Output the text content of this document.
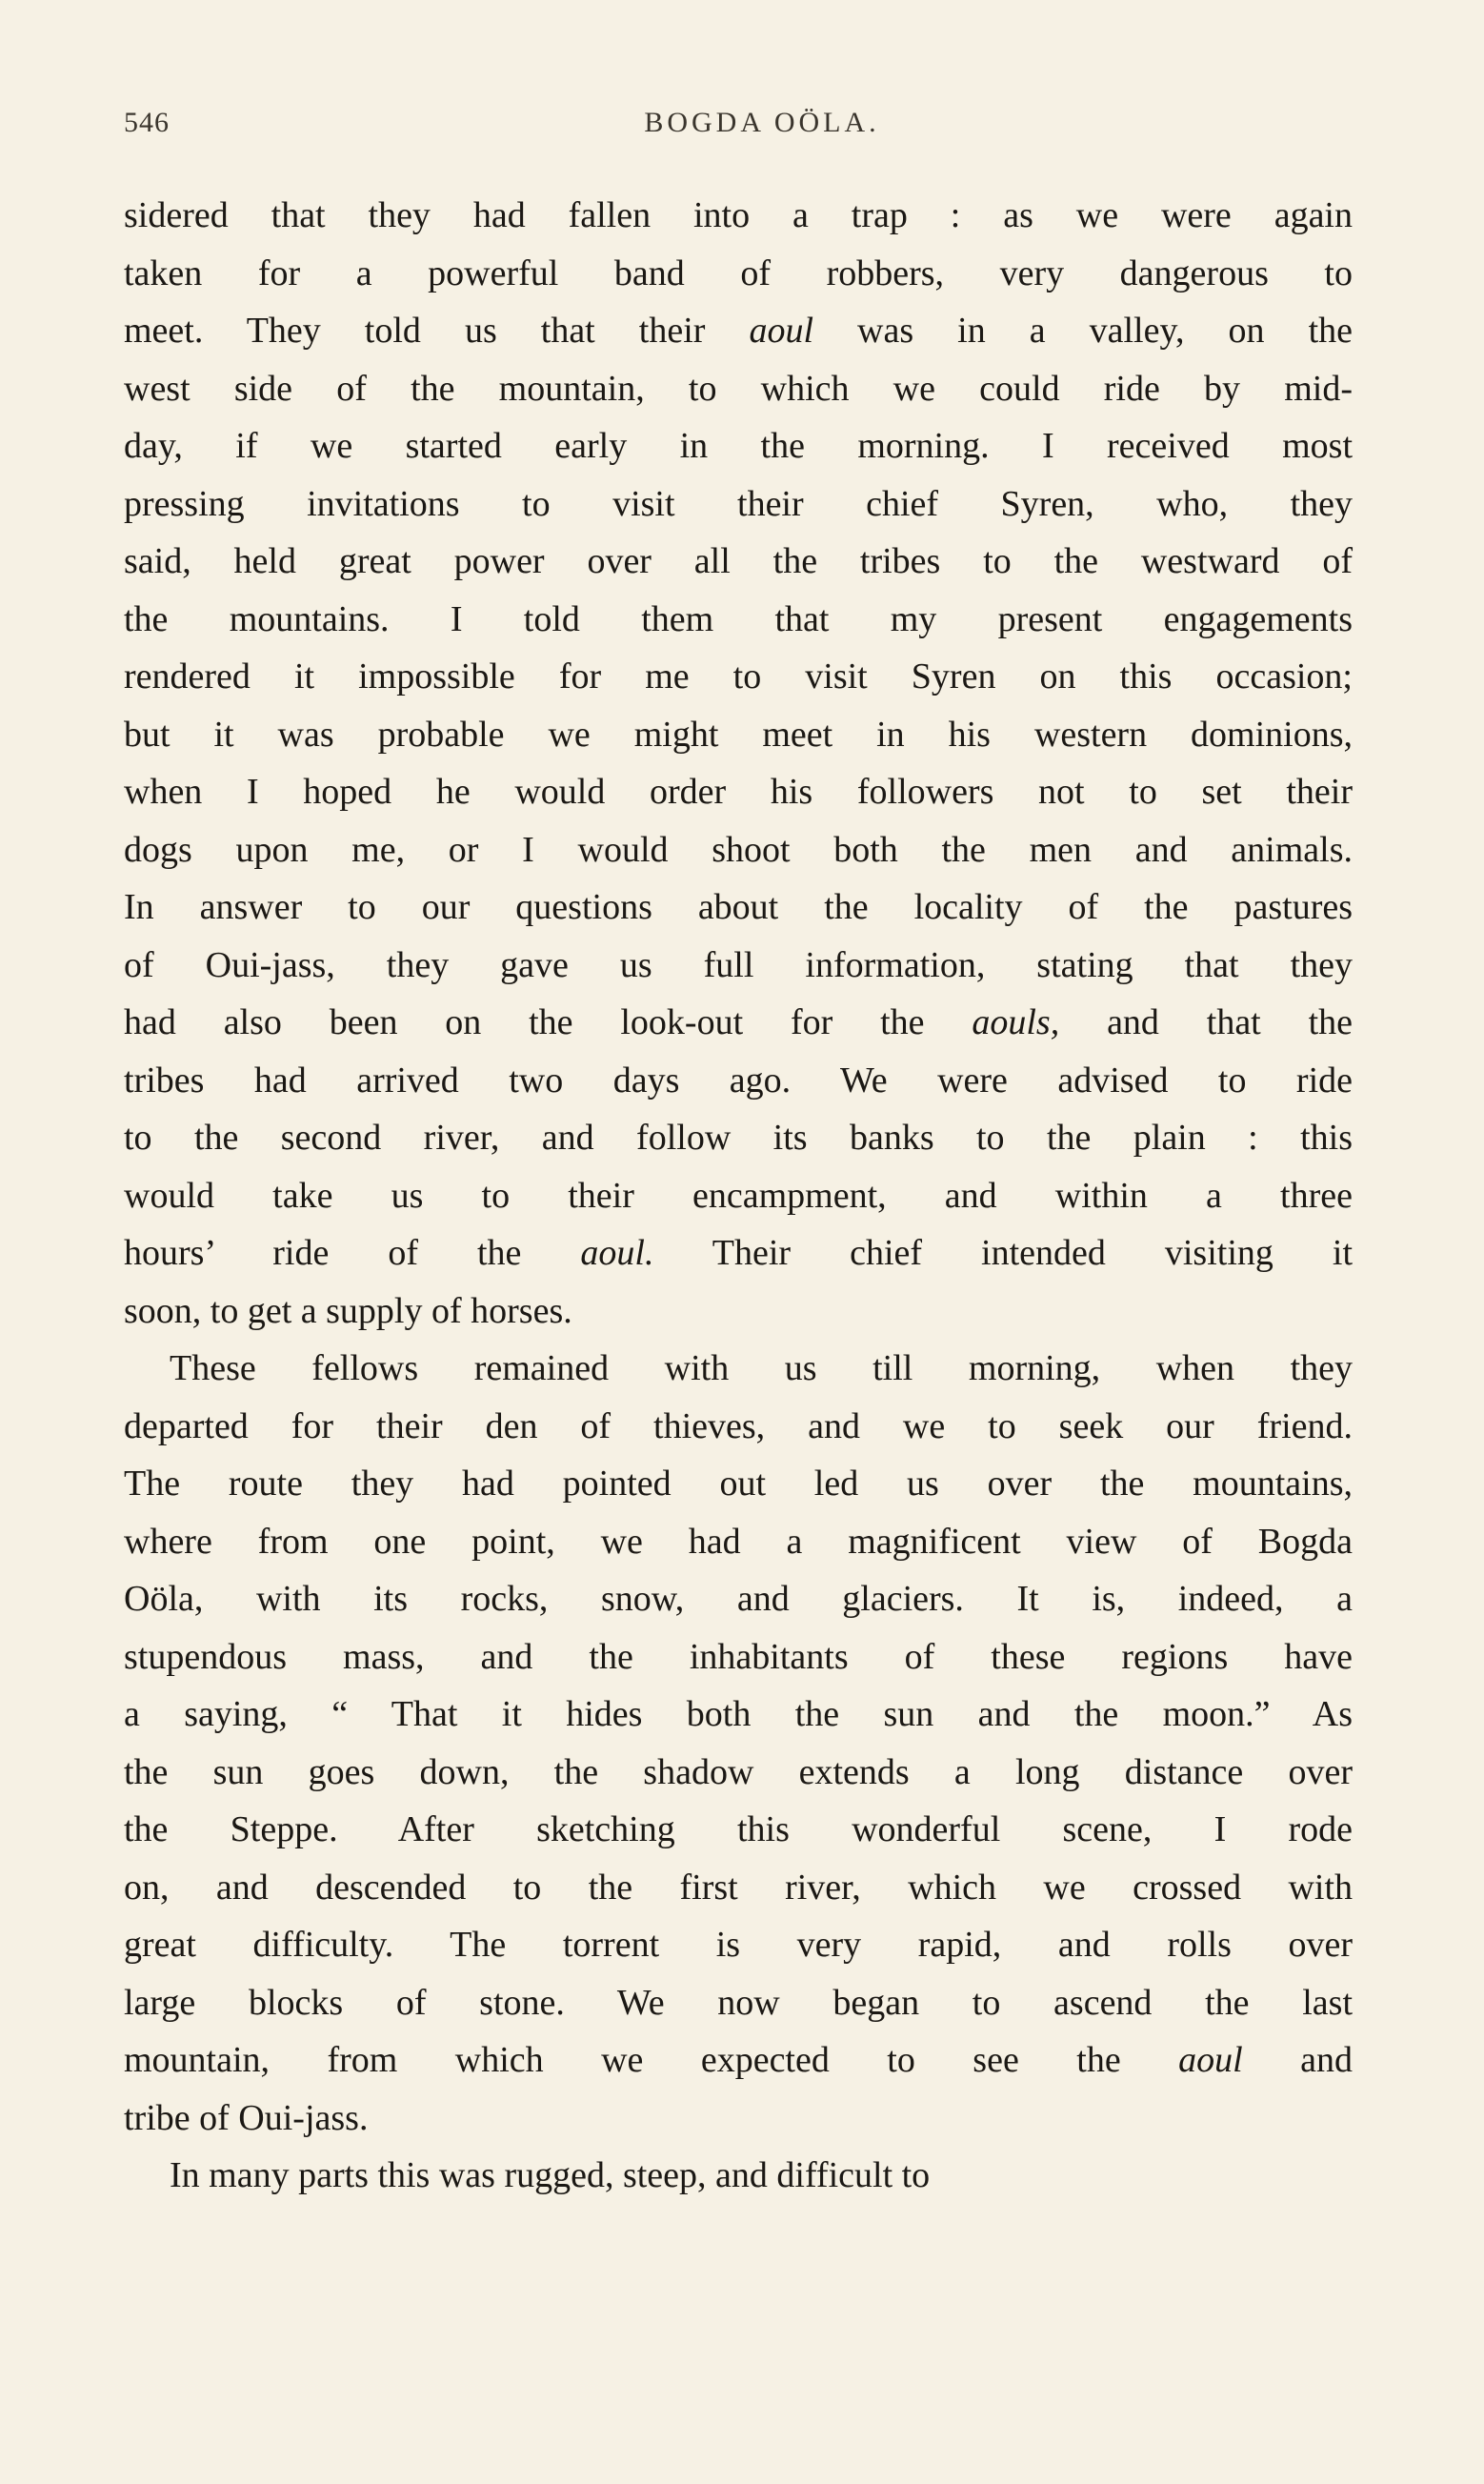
546	BOGDA OÖLA.
sidered that they had fallen into a trap : as we were again
taken for a powerful band of robbers, very dangerous to
meet. They told us that their aoul was in a valley, on the
west side of the mountain, to which we could ride by mid-
day, if we started early in the morning. I received most
pressing invitations to visit their chief Syren, who, they
said, held great power over all the tribes to the westward of
the mountains. I told them that my present engagements
rendered it impossible for me to visit Syren on this occasion;
but it was probable we might meet in his western dominions,
when I hoped he would order his followers not to set their
dogs upon me, or I would shoot both the men and animals.
In answer to our questions about the locality of the pastures
of Oui-jass, they gave us full information, stating that they
had also been on the look-out for the aouls, and that the
tribes had arrived two days ago. We were advised to ride
to the second river, and follow its banks to the plain : this
would take us to their encampment, and within a three
hours’ ride of the aoul. Their chief intended visiting it
soon, to get a supply of horses.
These fellows remained with us till morning, when they
departed for their den of thieves, and we to seek our friend.
The route they had pointed out led us over the mountains,
where from one point, we had a magnificent view of Bogda
Oöla, with its rocks, snow, and glaciers. It is, indeed, a
stupendous mass, and the inhabitants of these regions have
a saying, “ That it hides both the sun and the moon.” As
the sun goes down, the shadow extends a long distance over
the Steppe. After sketching this wonderful scene, I rode
on, and descended to the first river, which we crossed with
great difficulty. The torrent is very rapid, and rolls over
large blocks of stone. We now began to ascend the last
mountain, from which we expected to see the aoul and
tribe of Oui-jass.
In many parts this was rugged, steep, and difficult to
